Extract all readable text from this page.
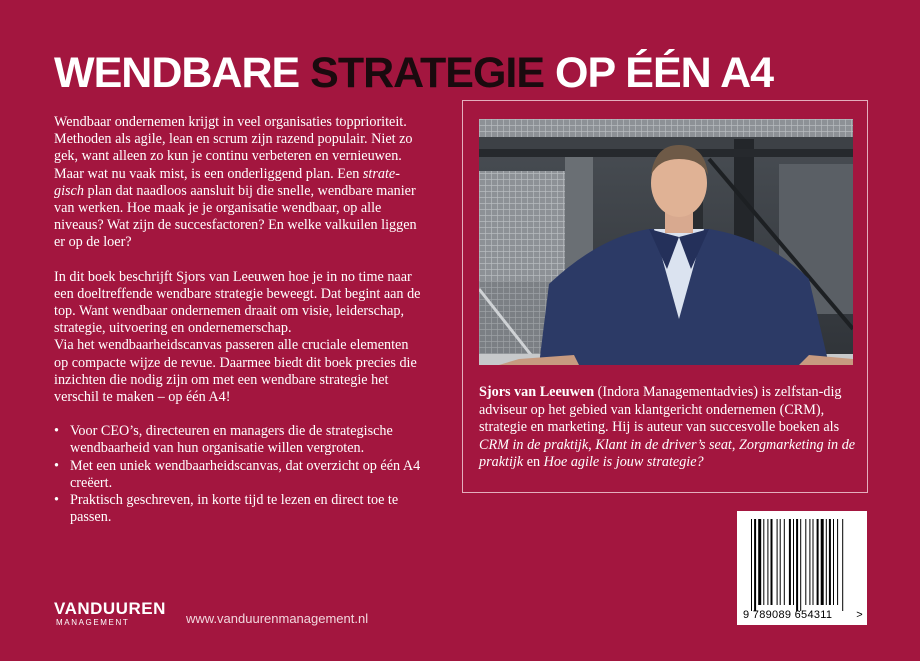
WENDBARE STRATEGIE OP ÉÉN A4

Wendbaar ondernemen krijgt in veel organisaties topprioriteit. Methoden als agile, lean en scrum zijn razend populair. Niet zo gek, want alleen zo kun je continu verbeteren en vernieuwen. Maar wat nu vaak mist, is een onderliggend plan. Een strate-gisch plan dat naadloos aansluit bij die snelle, wendbare manier van werken. Hoe maak je je organisatie wendbaar, op alle niveaus? Wat zijn de succesfactoren? En welke valkuilen liggen er op de loer?

In dit boek beschrijft Sjors van Leeuwen hoe je in no time naar een doeltreffende wendbare strategie beweegt. Dat begint aan de top. Want wendbaar ondernemen draait om visie, leiderschap, strategie, uitvoering en ondernemerschap.

Via het wendbaarheidscanvas passeren alle cruciale elementen op compacte wijze de revue. Daarmee biedt dit boek precies die inzichten die nodig zijn om met een wendbare strategie het verschil te maken – op één A4!

• Voor CEO’s, directeuren en managers die de strategische wendbaarheid van hun organisatie willen vergroten.
• Met een uniek wendbaarheidscanvas, dat overzicht op één A4 creëert.
• Praktisch geschreven, in korte tijd te lezen en direct toe te passen.
Sjors van Leeuwen (Indora Managementadvies) is zelfstan-dig adviseur op het gebied van klantgericht ondernemen (CRM), strategie en marketing. Hij is auteur van succesvolle boeken als CRM in de praktijk, Klant in de driver’s seat, Zorgmarketing in de praktijk en Hoe agile is jouw strategie?
9 789089 654311 >
VANDUUREN
MANAGEMENT	www.vanduurenmanagement.nl
